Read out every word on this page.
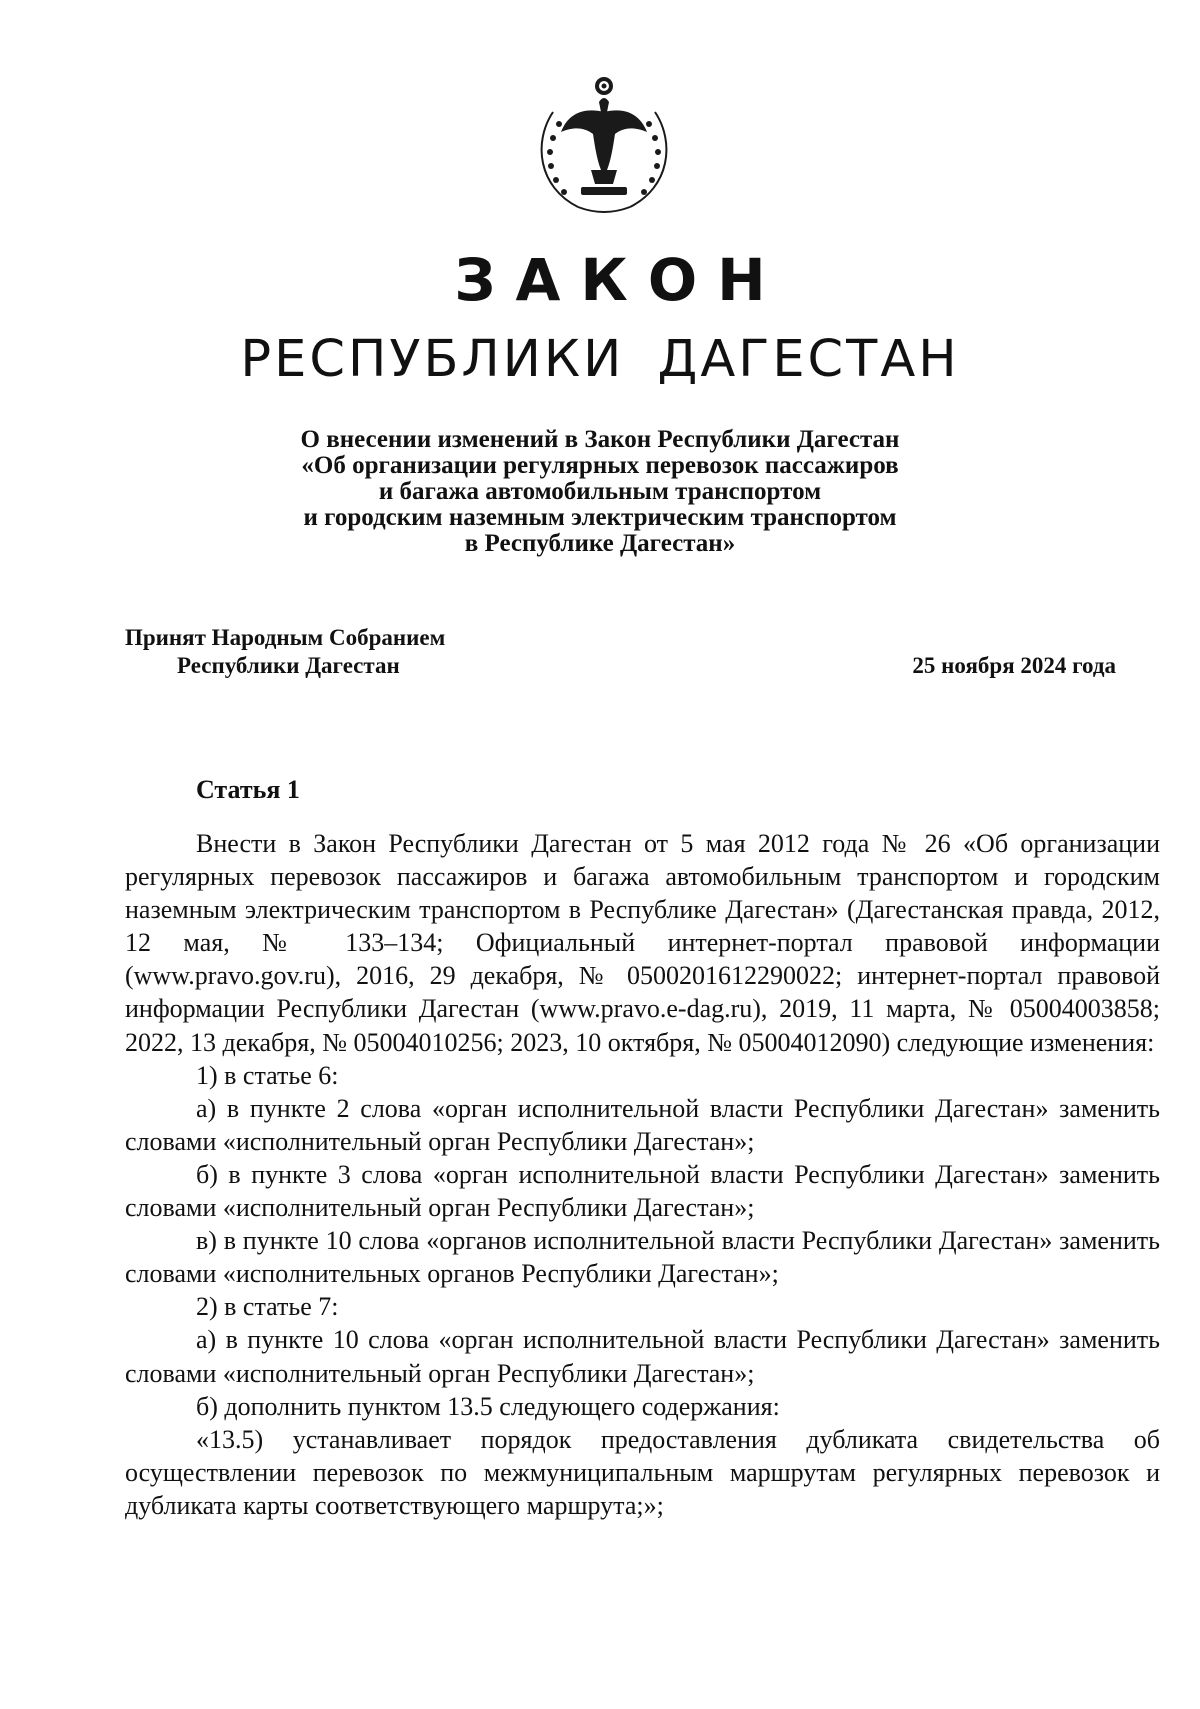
ЗАКОН
РЕСПУБЛИКИ ДАГЕСТАН
О внесении изменений в Закон Республики Дагестан
«Об организации регулярных перевозок пассажиров
и багажа автомобильным транспортом
и городским наземным электрическим транспортом
в Республике Дагестан»
Принят Народным Собранием
Республики Дагестан	25 ноября 2024 года
Статья 1

Внести в Закон Республики Дагестан от 5 мая 2012 года № 26 «Об организации регулярных перевозок пассажиров и багажа автомобильным транспортом и городским наземным электрическим транспортом в Республике Дагестан» (Дагестанская правда, 2012, 12 мая, № 133–134; Официальный интернет-портал правовой информации (www.pravo.gov.ru), 2016, 29 декабря, № 0500201612290022; интернет-портал правовой информации Республики Дагестан (www.pravo.e-dag.ru), 2019, 11 марта, № 05004003858; 2022, 13 декабря, № 05004010256; 2023, 10 октября, № 05004012090) следующие изменения:

1) в статье 6:

а) в пункте 2 слова «орган исполнительной власти Республики Дагестан» заменить словами «исполнительный орган Республики Дагестан»;

б) в пункте 3 слова «орган исполнительной власти Республики Дагестан» заменить словами «исполнительный орган Республики Дагестан»;

в) в пункте 10 слова «органов исполнительной власти Республики Дагестан» заменить словами «исполнительных органов Республики Дагестан»;

2) в статье 7:

а) в пункте 10 слова «орган исполнительной власти Республики Дагестан» заменить словами «исполнительный орган Республики Дагестан»;

б) дополнить пунктом 13.5 следующего содержания:

«13.5) устанавливает порядок предоставления дубликата свидетельства об осуществлении перевозок по межмуниципальным маршрутам регулярных перевозок и дубликата карты соответствующего маршрута;»;
